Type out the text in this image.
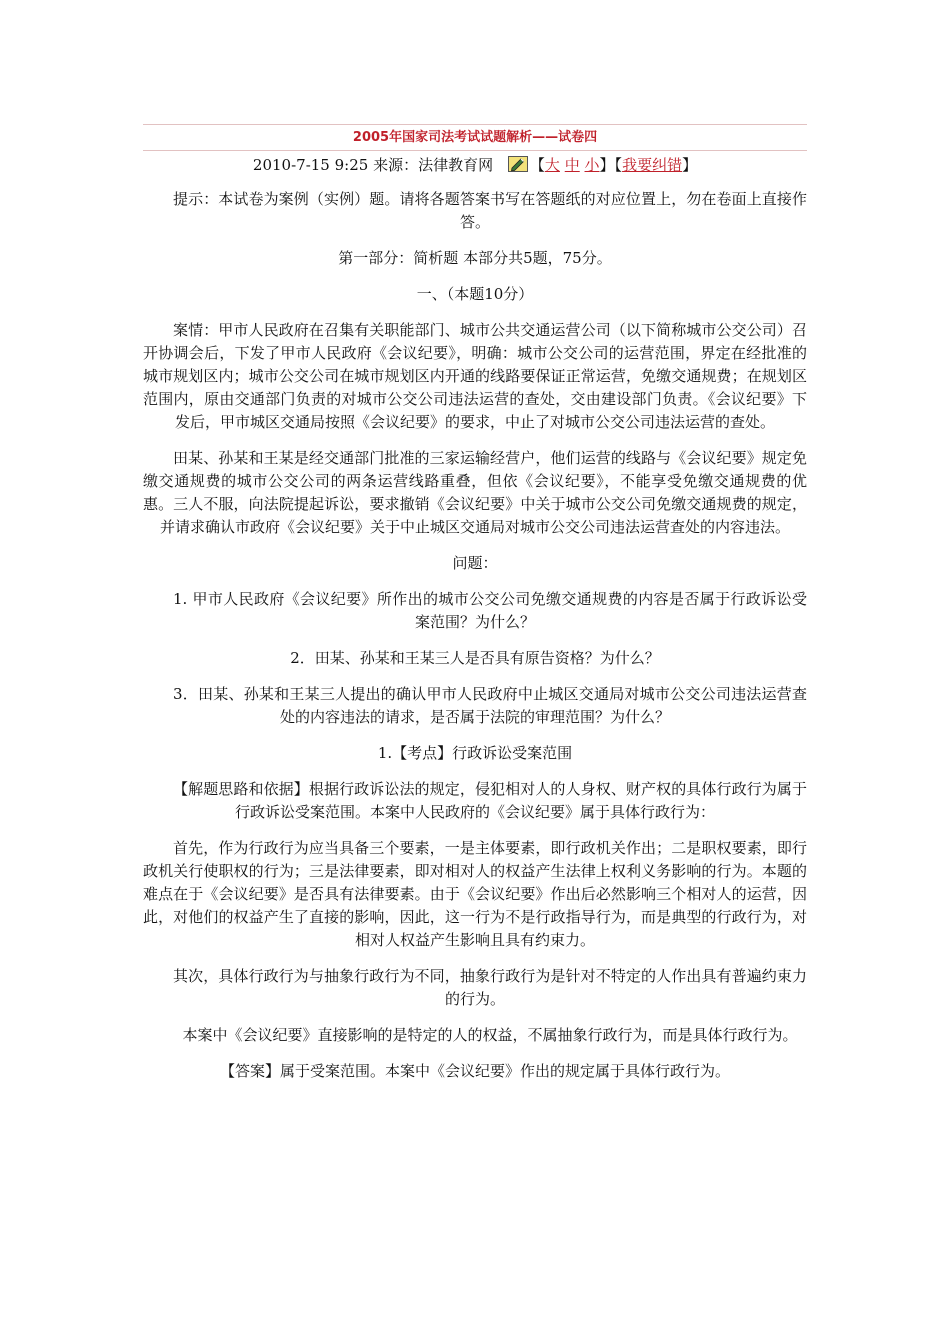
2005年国家司法考试试题解析——试卷四
2010-7-15 9:25 来源：法律教育网 【大 中 小】【我要纠错】

提示：本试卷为案例（实例）题。请将各题答案书写在答题纸的对应位置上，勿在卷面上直接作答。

第一部分：简析题 本部分共5题，75分。

一、（本题10分）

案情：甲市人民政府在召集有关职能部门、城市公共交通运营公司（以下简称城市公交公司）召开协调会后，下发了甲市人民政府《会议纪要》，明确：城市公交公司的运营范围，界定在经批准的城市规划区内；城市公交公司在城市规划区内开通的线路要保证正常运营，免缴交通规费；在规划区范围内，原由交通部门负责的对城市公交公司违法运营的查处，交由建设部门负责。《会议纪要》下发后，甲市城区交通局按照《会议纪要》的要求，中止了对城市公交公司违法运营的查处。

田某、孙某和王某是经交通部门批准的三家运输经营户，他们运营的线路与《会议纪要》规定免缴交通规费的城市公交公司的两条运营线路重叠，但依《会议纪要》，不能享受免缴交通规费的优惠。三人不服，向法院提起诉讼，要求撤销《会议纪要》中关于城市公交公司免缴交通规费的规定，并请求确认市政府《会议纪要》关于中止城区交通局对城市公交公司违法运营查处的内容违法。

问题：

1. 甲市人民政府《会议纪要》所作出的城市公交公司免缴交通规费的内容是否属于行政诉讼受案范围？为什么？

2．田某、孙某和王某三人是否具有原告资格？为什么？

3．田某、孙某和王某三人提出的确认甲市人民政府中止城区交通局对城市公交公司违法运营查处的内容违法的请求，是否属于法院的审理范围？为什么？

1.【考点】行政诉讼受案范围

【解题思路和依据】根据行政诉讼法的规定，侵犯相对人的人身权、财产权的具体行政行为属于行政诉讼受案范围。本案中人民政府的《会议纪要》属于具体行政行为：

首先，作为行政行为应当具备三个要素，一是主体要素，即行政机关作出；二是职权要素，即行政机关行使职权的行为；三是法律要素，即对相对人的权益产生法律上权利义务影响的行为。本题的难点在于《会议纪要》是否具有法律要素。由于《会议纪要》作出后必然影响三个相对人的运营，因此，对他们的权益产生了直接的影响，因此，这一行为不是行政指导行为，而是典型的行政行为，对相对人权益产生影响且具有约束力。

其次，具体行政行为与抽象行政行为不同，抽象行政行为是针对不特定的人作出具有普遍约束力的行为。

本案中《会议纪要》直接影响的是特定的人的权益，不属抽象行政行为，而是具体行政行为。

【答案】属于受案范围。本案中《会议纪要》作出的规定属于具体行政行为。
